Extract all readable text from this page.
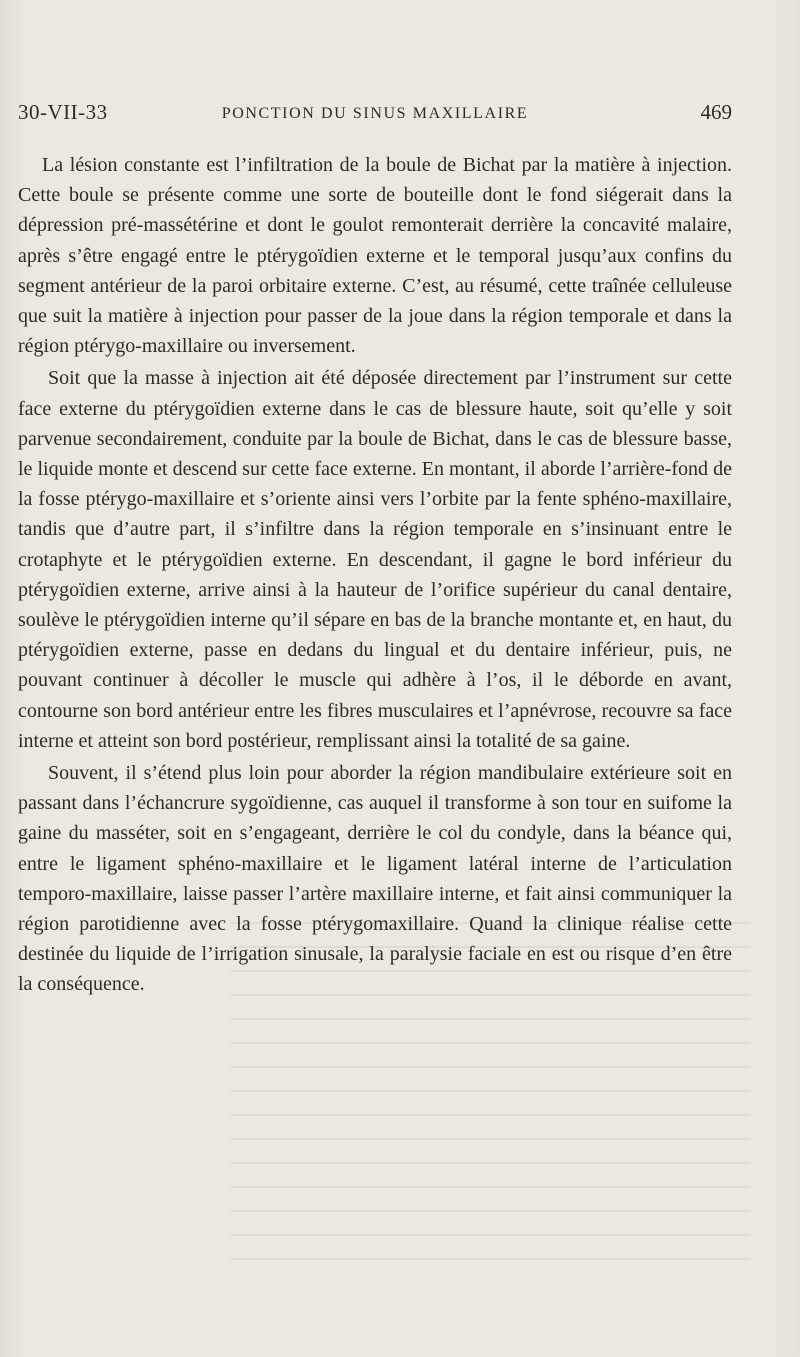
30-VII-33	PONCTION DU SINUS MAXILLAIRE	469

La lésion constante est l’infiltration de la boule de Bichat par la matière à injection. Cette boule se présente comme une sorte de bouteille dont le fond siégerait dans la dépression pré-massétérine et dont le goulot remonterait derrière la concavité malaire, après s’être engagé entre le ptérygoïdien externe et le temporal jusqu’aux confins du segment antérieur de la paroi orbitaire externe. C’est, au résumé, cette traînée celluleuse que suit la matière à injection pour passer de la joue dans la région temporale et dans la région ptérygo-maxillaire ou inversement.

Soit que la masse à injection ait été déposée directement par l’instrument sur cette face externe du ptérygoïdien externe dans le cas de blessure haute, soit qu’elle y soit parvenue secondairement, conduite par la boule de Bichat, dans le cas de blessure basse, le liquide monte et descend sur cette face externe. En montant, il aborde l’arrière-fond de la fosse ptérygo-maxillaire et s’oriente ainsi vers l’orbite par la fente sphéno-maxillaire, tandis que d’autre part, il s’infiltre dans la région temporale en s’insinuant entre le crotaphyte et le ptérygoïdien externe. En descendant, il gagne le bord inférieur du ptérygoïdien externe, arrive ainsi à la hauteur de l’orifice supérieur du canal dentaire, soulève le ptérygoïdien interne qu’il sépare en bas de la branche montante et, en haut, du ptérygoïdien externe, passe en dedans du lingual et du dentaire inférieur, puis, ne pouvant continuer à décoller le muscle qui adhère à l’os, il le déborde en avant, contourne son bord antérieur entre les fibres musculaires et l’apnévrose, recouvre sa face interne et atteint son bord postérieur, remplissant ainsi la totalité de sa gaine.

Souvent, il s’étend plus loin pour aborder la région mandibulaire extérieure soit en passant dans l’échancrure sygoïdienne, cas auquel il transforme à son tour en suifome la gaine du masséter, soit en s’engageant, derrière le col du condyle, dans la béance qui, entre le ligament sphéno-maxillaire et le ligament latéral interne de l’articulation temporo-maxillaire, laisse passer l’artère maxillaire interne, et fait ainsi communiquer la région parotidienne avec la fosse ptérygomaxillaire. Quand la clinique réalise cette destinée du liquide de l’irrigation sinusale, la paralysie faciale en est ou risque d’en être la conséquence.
